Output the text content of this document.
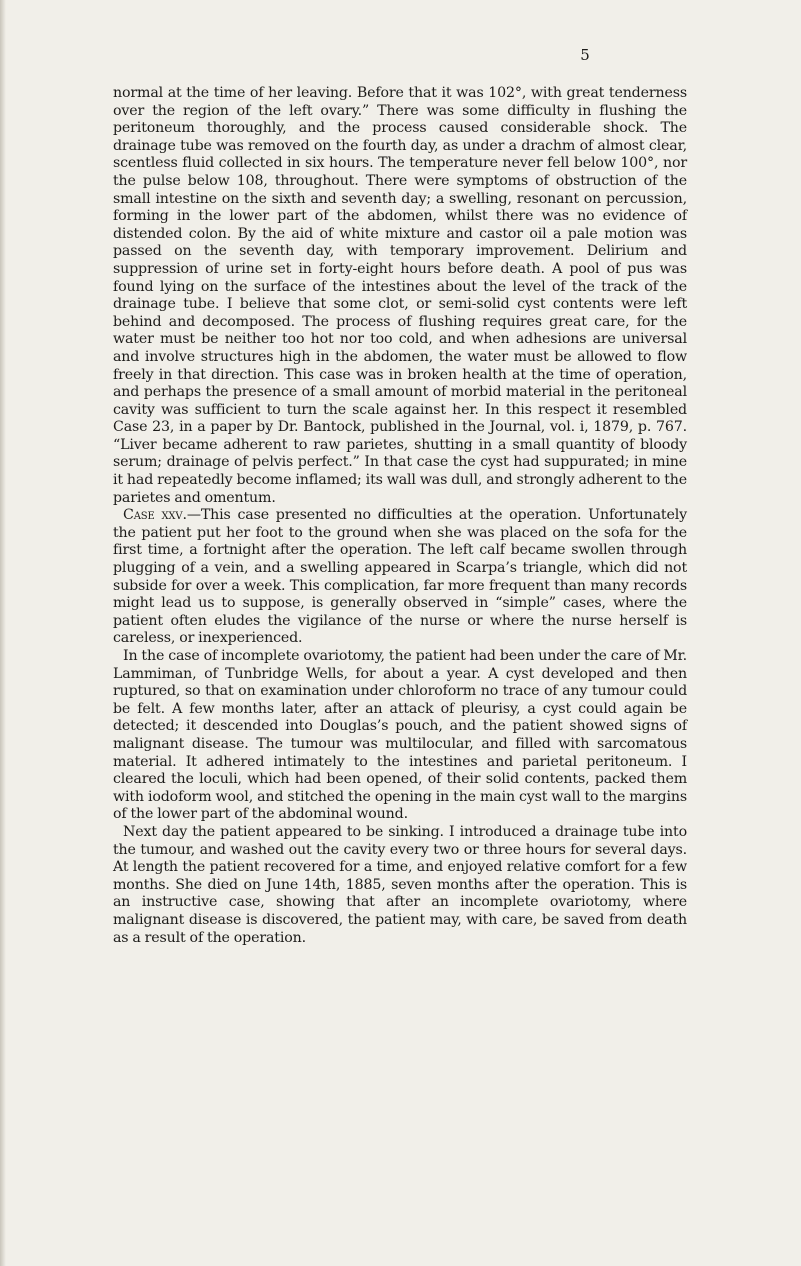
5

normal at the time of her leaving. Before that it was 102°, with great tenderness over the region of the left ovary.” There was some difficulty in flushing the peritoneum thoroughly, and the process caused considerable shock. The drainage tube was removed on the fourth day, as under a drachm of almost clear, scentless fluid collected in six hours. The temperature never fell below 100°, nor the pulse below 108, throughout. There were symptoms of obstruction of the small intestine on the sixth and seventh day; a swelling, resonant on percussion, forming in the lower part of the abdomen, whilst there was no evidence of distended colon. By the aid of white mixture and castor oil a pale motion was passed on the seventh day, with temporary improvement. Delirium and suppression of urine set in forty-eight hours before death. A pool of pus was found lying on the surface of the intestines about the level of the track of the drainage tube. I believe that some clot, or semi-solid cyst contents were left behind and decomposed. The process of flushing requires great care, for the water must be neither too hot nor too cold, and when adhesions are universal and involve structures high in the abdomen, the water must be allowed to flow freely in that direction. This case was in broken health at the time of operation, and perhaps the presence of a small amount of morbid material in the peritoneal cavity was sufficient to turn the scale against her. In this respect it resembled Case 23, in a paper by Dr. Bantock, published in the Journal, vol. i, 1879, p. 767. “Liver became adherent to raw parietes, shutting in a small quantity of bloody serum; drainage of pelvis perfect.” In that case the cyst had suppurated; in mine it had repeatedly become inflamed; its wall was dull, and strongly adherent to the parietes and omentum.

Case xxv.—This case presented no difficulties at the operation. Unfortunately the patient put her foot to the ground when she was placed on the sofa for the first time, a fortnight after the operation. The left calf became swollen through plugging of a vein, and a swelling appeared in Scarpa’s triangle, which did not subside for over a week. This complication, far more frequent than many records might lead us to suppose, is generally observed in “simple” cases, where the patient often eludes the vigilance of the nurse or where the nurse herself is careless, or inexperienced.

In the case of incomplete ovariotomy, the patient had been under the care of Mr. Lammiman, of Tunbridge Wells, for about a year. A cyst developed and then ruptured, so that on examination under chloroform no trace of any tumour could be felt. A few months later, after an attack of pleurisy, a cyst could again be detected; it descended into Douglas’s pouch, and the patient showed signs of malignant disease. The tumour was multilocular, and filled with sarcomatous material. It adhered intimately to the intestines and parietal peritoneum. I cleared the loculi, which had been opened, of their solid contents, packed them with iodoform wool, and stitched the opening in the main cyst wall to the margins of the lower part of the abdominal wound.

Next day the patient appeared to be sinking. I introduced a drainage tube into the tumour, and washed out the cavity every two or three hours for several days. At length the patient recovered for a time, and enjoyed relative comfort for a few months. She died on June 14th, 1885, seven months after the operation. This is an instructive case, showing that after an incomplete ovariotomy, where malignant disease is discovered, the patient may, with care, be saved from death as a result of the operation.
